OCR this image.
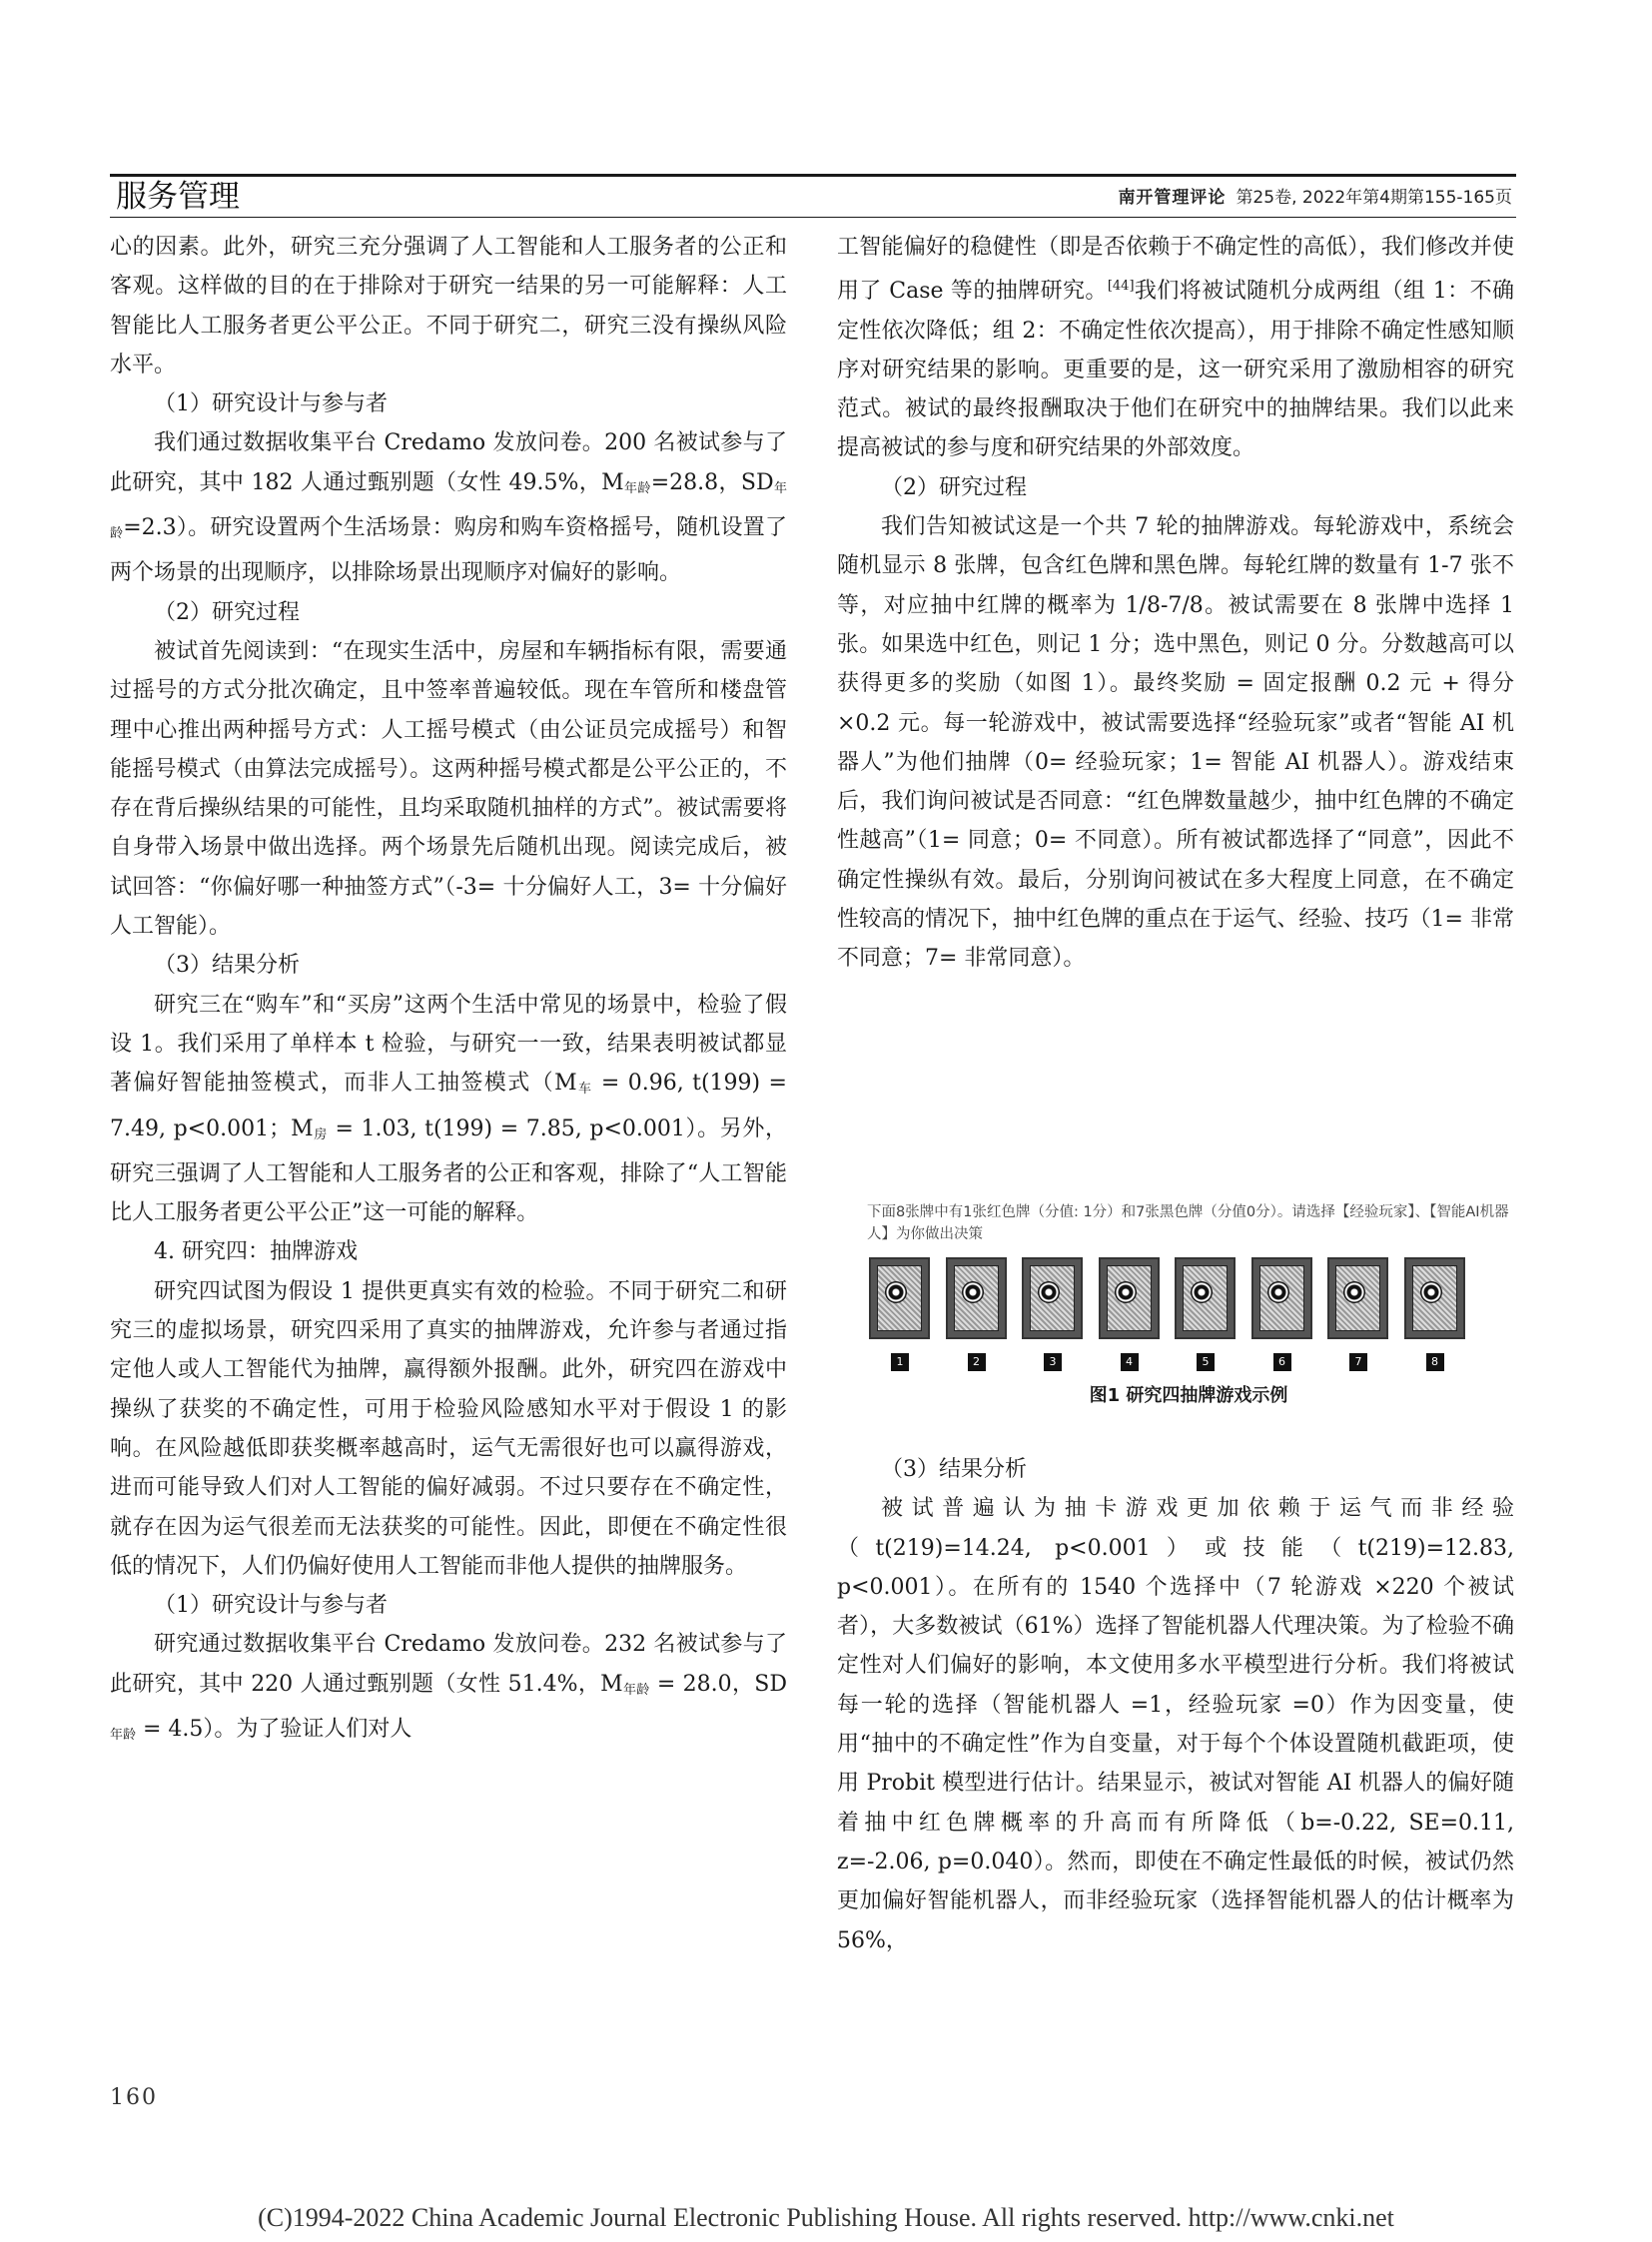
服务管理	南开管理评论 第25卷, 2022年第4期第155-165页

心的因素。此外，研究三充分强调了人工智能和人工服务者的公正和客观。这样做的目的在于排除对于研究一结果的另一可能解释：人工智能比人工服务者更公平公正。不同于研究二，研究三没有操纵风险水平。

（1）研究设计与参与者

我们通过数据收集平台 Credamo 发放问卷。200 名被试参与了此研究，其中 182 人通过甄别题（女性 49.5%，$M_{年龄}=28.8$，$SD_{年龄}=2.3$）。研究设置两个生活场景：购房和购车资格摇号，随机设置了两个场景的出现顺序，以排除场景出现顺序对偏好的影响。

（2）研究过程

被试首先阅读到：“在现实生活中，房屋和车辆指标有限，需要通过摇号的方式分批次确定，且中签率普遍较低。现在车管所和楼盘管理中心推出两种摇号方式：人工摇号模式（由公证员完成摇号）和智能摇号模式（由算法完成摇号）。这两种摇号模式都是公平公正的，不存在背后操纵结果的可能性，且均采取随机抽样的方式”。被试需要将自身带入场景中做出选择。两个场景先后随机出现。阅读完成后，被试回答：“你偏好哪一种抽签方式”（-3= 十分偏好人工，3= 十分偏好人工智能）。

（3）结果分析

研究三在“购车”和“买房”这两个生活中常见的场景中，检验了假设 1。我们采用了单样本 t 检验，与研究一一致，结果表明被试都显著偏好智能抽签模式，而非人工抽签模式（$M_车 = 0.96$, t(199) = 7.49, p<0.001；$M_房 = 1.03$, t(199) = 7.85, p<0.001）。另外，研究三强调了人工智能和人工服务者的公正和客观，排除了“人工智能比人工服务者更公平公正”这一可能的解释。

4. 研究四：抽牌游戏

研究四试图为假设 1 提供更真实有效的检验。不同于研究二和研究三的虚拟场景，研究四采用了真实的抽牌游戏，允许参与者通过指定他人或人工智能代为抽牌，赢得额外报酬。此外，研究四在游戏中操纵了获奖的不确定性，可用于检验风险感知水平对于假设 1 的影响。在风险越低即获奖概率越高时，运气无需很好也可以赢得游戏，进而可能导致人们对人工智能的偏好减弱。不过只要存在不确定性，就存在因为运气很差而无法获奖的可能性。因此，即便在不确定性很低的情况下，人们仍偏好使用人工智能而非他人提供的抽牌服务。

（1）研究设计与参与者

研究通过数据收集平台 Credamo 发放问卷。232 名被试参与了此研究，其中 220 人通过甄别题（女性 51.4%，$M_{年龄} = 28.0$，$SD_{年龄} = 4.5$）。为了验证人们对人

工智能偏好的稳健性（即是否依赖于不确定性的高低），我们修改并使用了 Case 等的抽牌研究。[44]我们将被试随机分成两组（组 1：不确定性依次降低；组 2：不确定性依次提高），用于排除不确定性感知顺序对研究结果的影响。更重要的是，这一研究采用了激励相容的研究范式。被试的最终报酬取决于他们在研究中的抽牌结果。我们以此来提高被试的参与度和研究结果的外部效度。

（2）研究过程

我们告知被试这是一个共 7 轮的抽牌游戏。每轮游戏中，系统会随机显示 8 张牌，包含红色牌和黑色牌。每轮红牌的数量有 1-7 张不等，对应抽中红牌的概率为 1/8-7/8。被试需要在 8 张牌中选择 1 张。如果选中红色，则记 1 分；选中黑色，则记 0 分。分数越高可以获得更多的奖励（如图 1）。最终奖励 = 固定报酬 0.2 元 + 得分 ×0.2 元。每一轮游戏中，被试需要选择“经验玩家”或者“智能 AI 机器人”为他们抽牌（0= 经验玩家；1= 智能 AI 机器人）。游戏结束后，我们询问被试是否同意：“红色牌数量越少，抽中红色牌的不确定性越高”（1= 同意；0= 不同意）。所有被试都选择了“同意”，因此不确定性操纵有效。最后，分别询问被试在多大程度上同意，在不确定性较高的情况下，抽中红色牌的重点在于运气、经验、技巧（1= 非常不同意；7= 非常同意）。

下面8张牌中有1张红色牌（分值: 1分）和7张黑色牌（分值0分）。请选择【经验玩家】、【智能AI机器人】为你做出决策
1	2	3	4	5	6	7	8
图1 研究四抽牌游戏示例
（3）结果分析

被试普遍认为抽卡游戏更加依赖于运气而非经验（t(219)=14.24, p<0.001）或技能（t(219)=12.83, p<0.001）。在所有的 1540 个选择中（7 轮游戏 ×220 个被试者），大多数被试（61%）选择了智能机器人代理决策。为了检验不确定性对人们偏好的影响，本文使用多水平模型进行分析。我们将被试每一轮的选择（智能机器人 =1，经验玩家 =0）作为因变量，使用“抽中的不确定性”作为自变量，对于每个个体设置随机截距项，使用 Probit 模型进行估计。结果显示，被试对智能 AI 机器人的偏好随着抽中红色牌概率的升高而有所降低（b=-0.22, SE=0.11, z=-2.06, p=0.040）。然而，即使在不确定性最低的时候，被试仍然更加偏好智能机器人，而非经验玩家（选择智能机器人的估计概率为 56%，

160
(C)1994-2022 China Academic Journal Electronic Publishing House. All rights reserved. http://www.cnki.net
